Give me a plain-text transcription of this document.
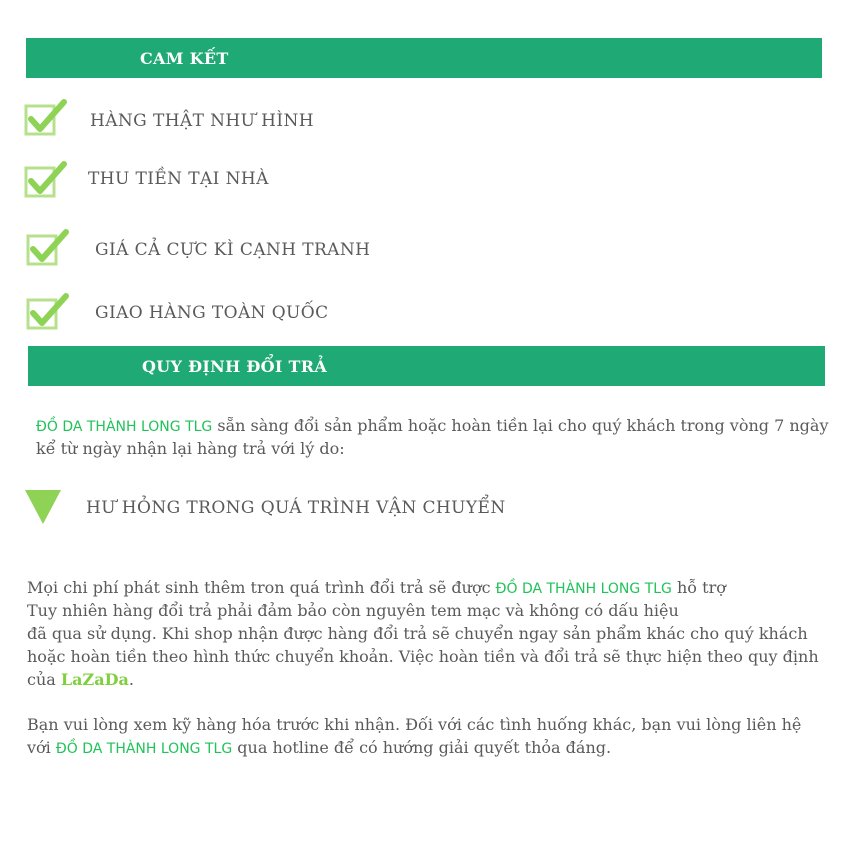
CAM KẾT
HÀNG THẬT NHƯ HÌNH
THU TIỀN TẠI NHÀ
GIÁ CẢ CỰC KÌ CẠNH TRANH
GIAO HÀNG TOÀN QUỐC
QUY ĐỊNH ĐỔI TRẢ
ĐỒ DA THÀNH LONG TLG sẵn sàng đổi sản phẩm hoặc hoàn tiền lại cho quý khách trong vòng 7 ngày
kể từ ngày nhận lại hàng trả với lý do:
HƯ HỎNG TRONG QUÁ TRÌNH VẬN CHUYỂN
Mọi chi phí phát sinh thêm tron quá trình đổi trả sẽ được ĐỒ DA THÀNH LONG TLG hỗ trợ
Tuy nhiên hàng đổi trả phải đảm bảo còn nguyên tem mạc và không có dấu hiệu
đã qua sử dụng. Khi shop nhận được hàng đổi trả sẽ chuyển ngay sản phẩm khác cho quý khách
hoặc hoàn tiền theo hình thức chuyển khoản. Việc hoàn tiền và đổi trả sẽ thực hiện theo quy định
của LaZaDa.
Bạn vui lòng xem kỹ hàng hóa trước khi nhận. Đối với các tình huống khác, bạn vui lòng liên hệ
với ĐỒ DA THÀNH LONG TLG qua hotline để có hướng giải quyết thỏa đáng.
